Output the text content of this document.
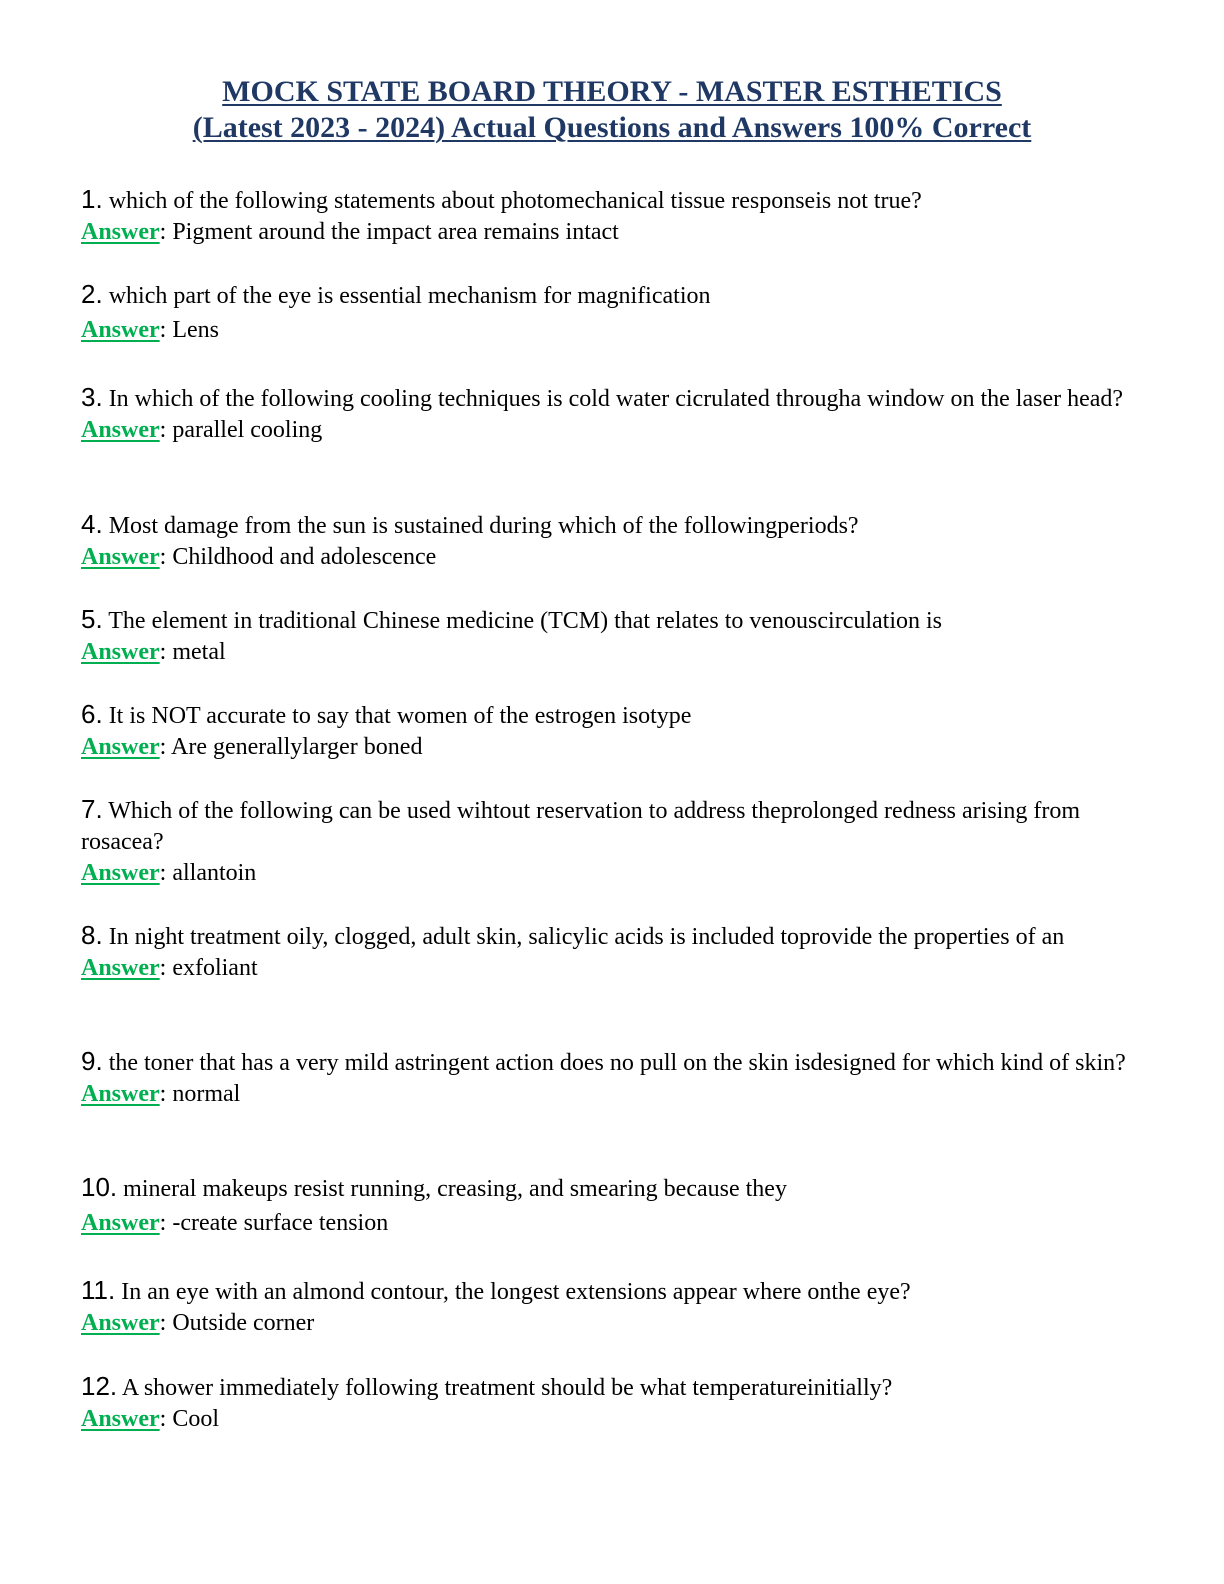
MOCK STATE BOARD THEORY - MASTER ESTHETICS
(Latest 2023 - 2024) Actual Questions and Answers 100% Correct

1. which of the following statements about photomechanical tissue responseis not true?

Answer: Pigment around the impact area remains intact

2. which part of the eye is essential mechanism for magnification

Answer: Lens

3. In which of the following cooling techniques is cold water cicrulated througha window on the laser head?

Answer: parallel cooling

4. Most damage from the sun is sustained during which of the followingperiods?

Answer: Childhood and adolescence

5. The element in traditional Chinese medicine (TCM) that relates to venouscirculation is

Answer: metal

6. It is NOT accurate to say that women of the estrogen isotype

Answer: Are generallylarger boned

7. Which of the following can be used wihtout reservation to address theprolonged redness arising from rosacea?

Answer: allantoin

8. In night treatment oily, clogged, adult skin, salicylic acids is included toprovide the properties of an

Answer: exfoliant

9. the toner that has a very mild astringent action does no pull on the skin isdesigned for which kind of skin?

Answer: normal

10. mineral makeups resist running, creasing, and smearing because they

Answer: -create surface tension

11. In an eye with an almond contour, the longest extensions appear where onthe eye?

Answer: Outside corner

12. A shower immediately following treatment should be what temperatureinitially?

Answer: Cool
